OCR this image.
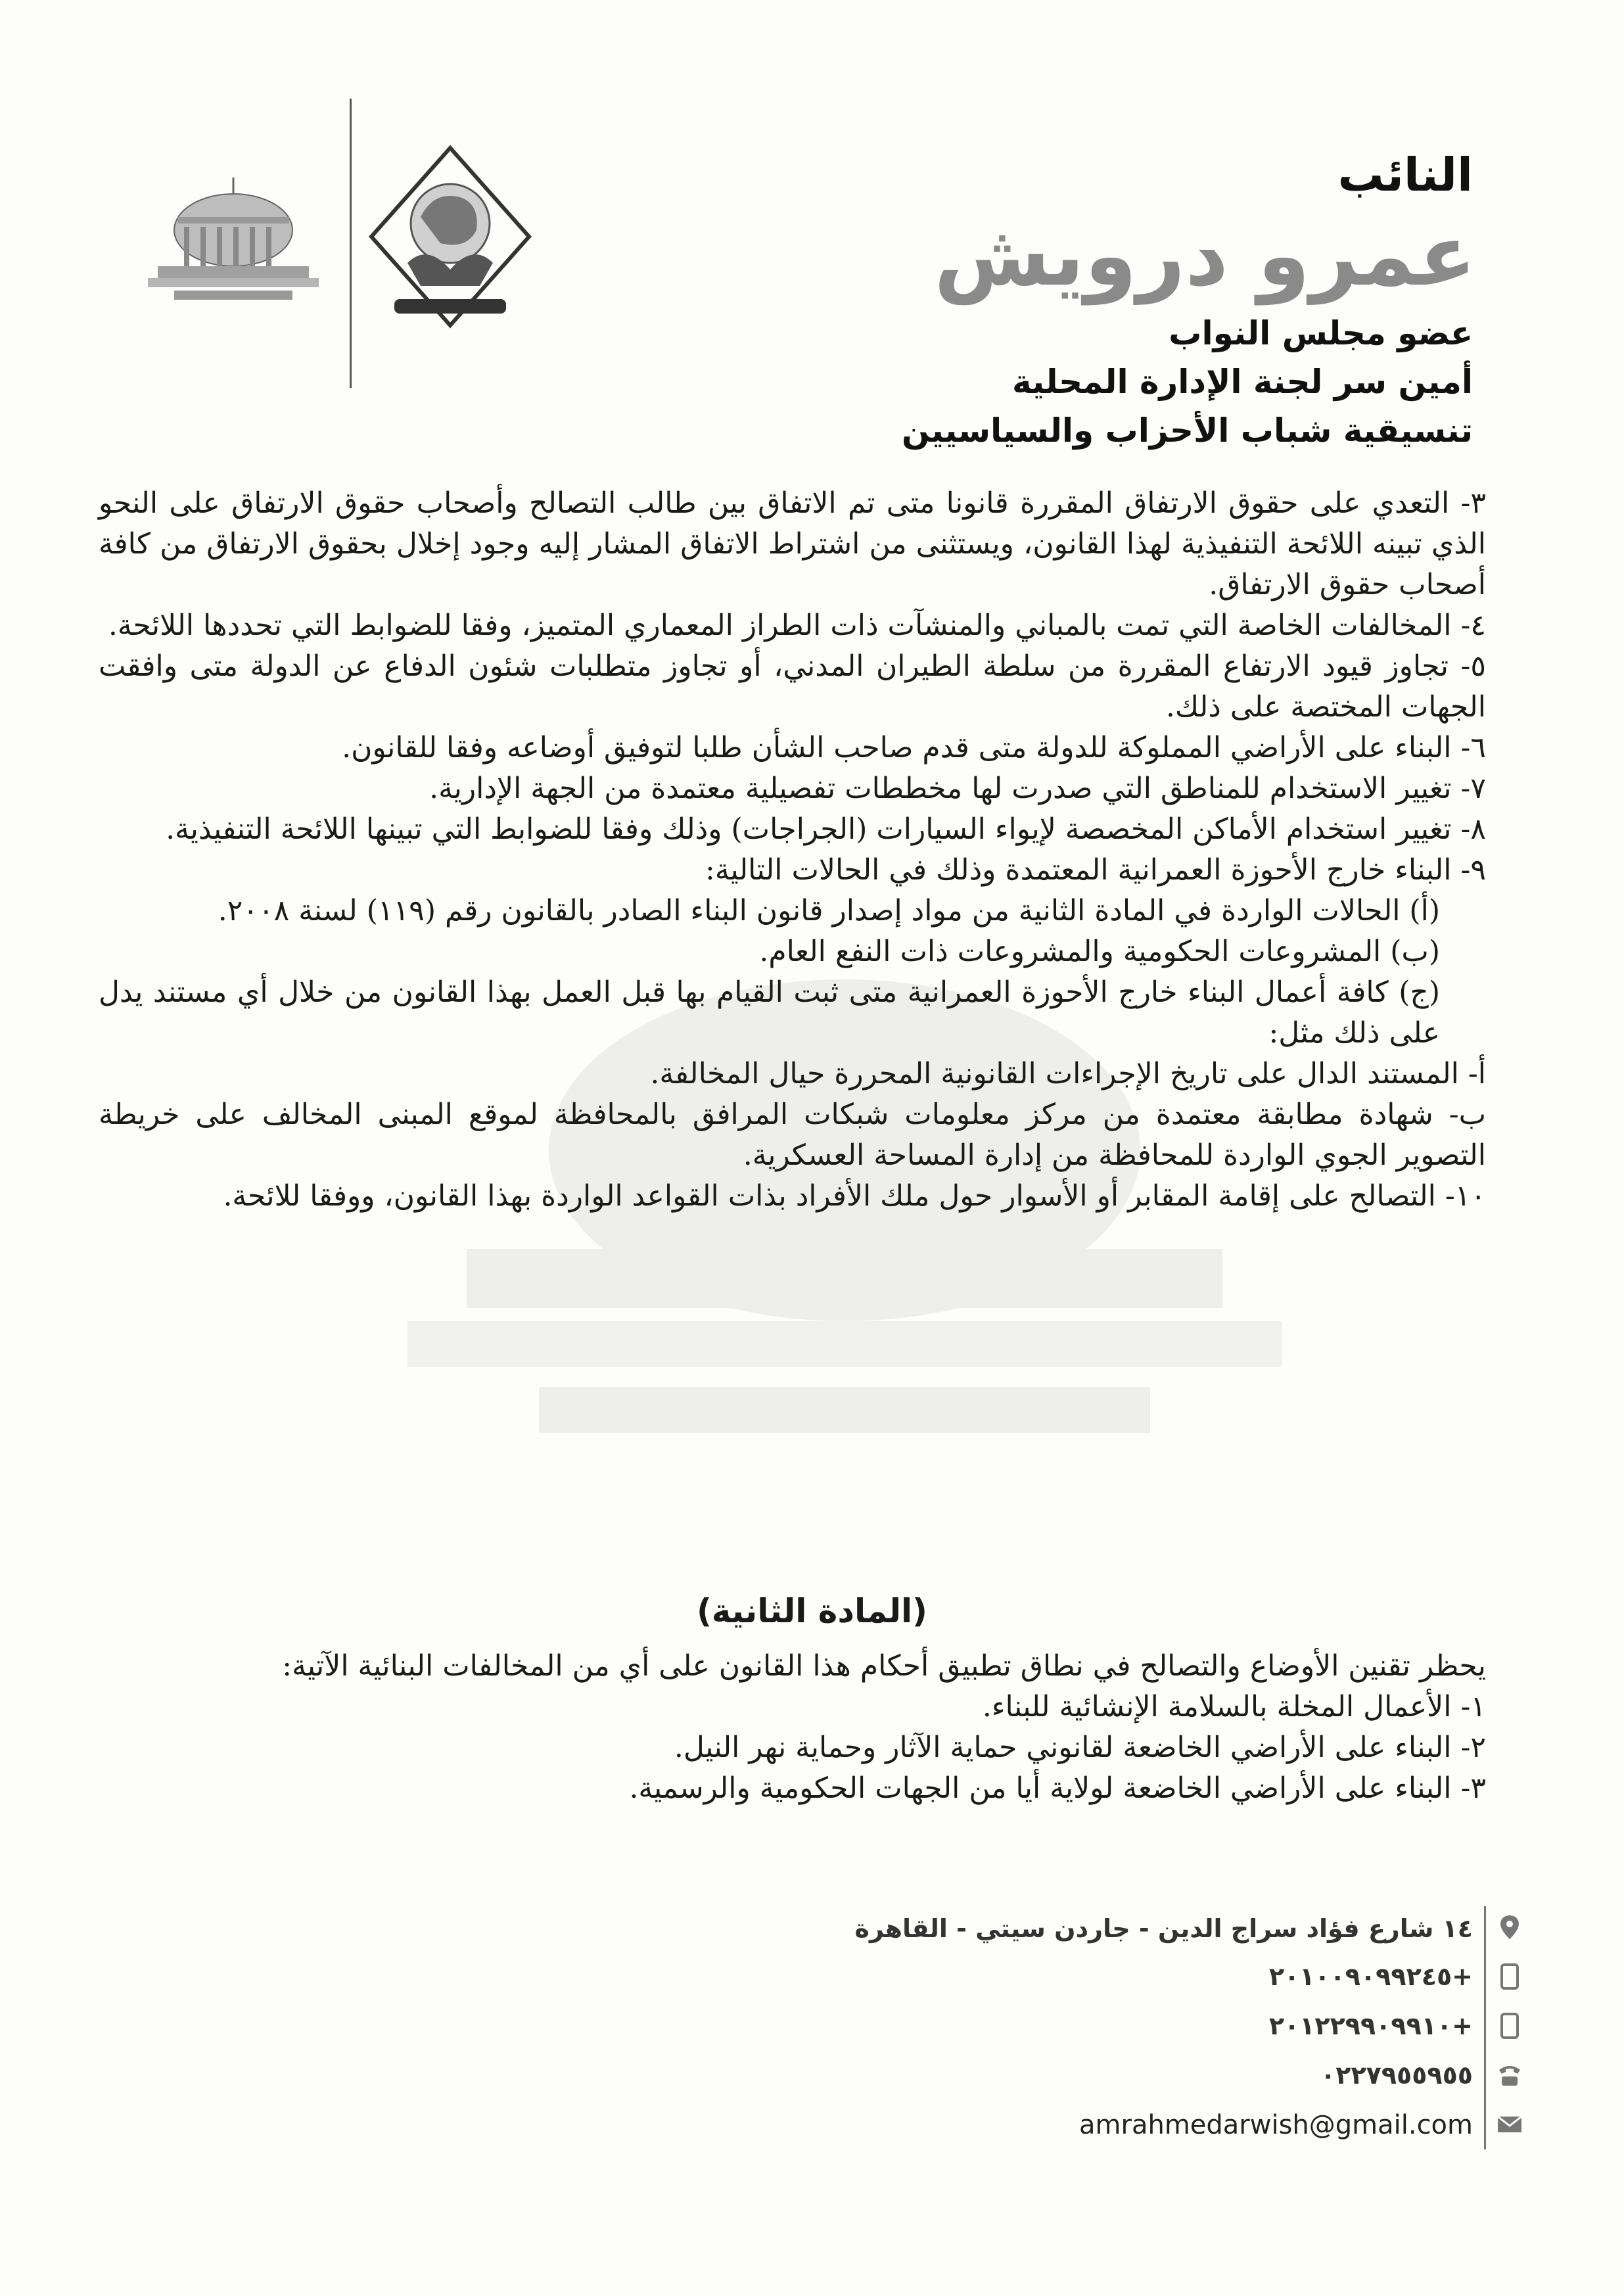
النائب
عمرو درويش
عضو مجلس النواب
أمين سر لجنة الإدارة المحلية
تنسيقية شباب الأحزاب والسياسيين

٣- التعدي على حقوق الارتفاق المقررة قانونا متى تم الاتفاق بين طالب التصالح وأصحاب حقوق الارتفاق على النحو الذي تبينه اللائحة التنفيذية لهذا القانون، ويستثنى من اشتراط الاتفاق المشار إليه وجود إخلال بحقوق الارتفاق من كافة أصحاب حقوق الارتفاق.

٤- المخالفات الخاصة التي تمت بالمباني والمنشآت ذات الطراز المعماري المتميز، وفقا للضوابط التي تحددها اللائحة.

٥- تجاوز قيود الارتفاع المقررة من سلطة الطيران المدني، أو تجاوز متطلبات شئون الدفاع عن الدولة متى وافقت الجهات المختصة على ذلك.

٦- البناء على الأراضي المملوكة للدولة متى قدم صاحب الشأن طلبا لتوفيق أوضاعه وفقا للقانون.

٧- تغيير الاستخدام للمناطق التي صدرت لها مخططات تفصيلية معتمدة من الجهة الإدارية.

٨- تغيير استخدام الأماكن المخصصة لإيواء السيارات (الجراجات) وذلك وفقا للضوابط التي تبينها اللائحة التنفيذية.

٩- البناء خارج الأحوزة العمرانية المعتمدة وذلك في الحالات التالية:

(أ) الحالات الواردة في المادة الثانية من مواد إصدار قانون البناء الصادر بالقانون رقم (١١٩) لسنة ٢٠٠٨.

(ب) المشروعات الحكومية والمشروعات ذات النفع العام.

(ج) كافة أعمال البناء خارج الأحوزة العمرانية متى ثبت القيام بها قبل العمل بهذا القانون من خلال أي مستند يدل على ذلك مثل:

أ- المستند الدال على تاريخ الإجراءات القانونية المحررة حيال المخالفة.

ب- شهادة مطابقة معتمدة من مركز معلومات شبكات المرافق بالمحافظة لموقع المبنى المخالف على خريطة التصوير الجوي الواردة للمحافظة من إدارة المساحة العسكرية.

١٠- التصالح على إقامة المقابر أو الأسوار حول ملك الأفراد بذات القواعد الواردة بهذا القانون، ووفقا للائحة.

(المادة الثانية)

يحظر تقنين الأوضاع والتصالح في نطاق تطبيق أحكام هذا القانون على أي من المخالفات البنائية الآتية:

١- الأعمال المخلة بالسلامة الإنشائية للبناء.

٢- البناء على الأراضي الخاضعة لقانوني حماية الآثار وحماية نهر النيل.

٣- البناء على الأراضي الخاضعة لولاية أيا من الجهات الحكومية والرسمية.

١٤ شارع فؤاد سراج الدين - جاردن سيتي - القاهرة
+٢٠١٠٠٩٠٩٩٢٤٥
+٢٠١٢٢٩٩٠٩٩١٠
٠٢٢٧٩٥٥٩٥٥
amrahmedarwish@gmail.com
